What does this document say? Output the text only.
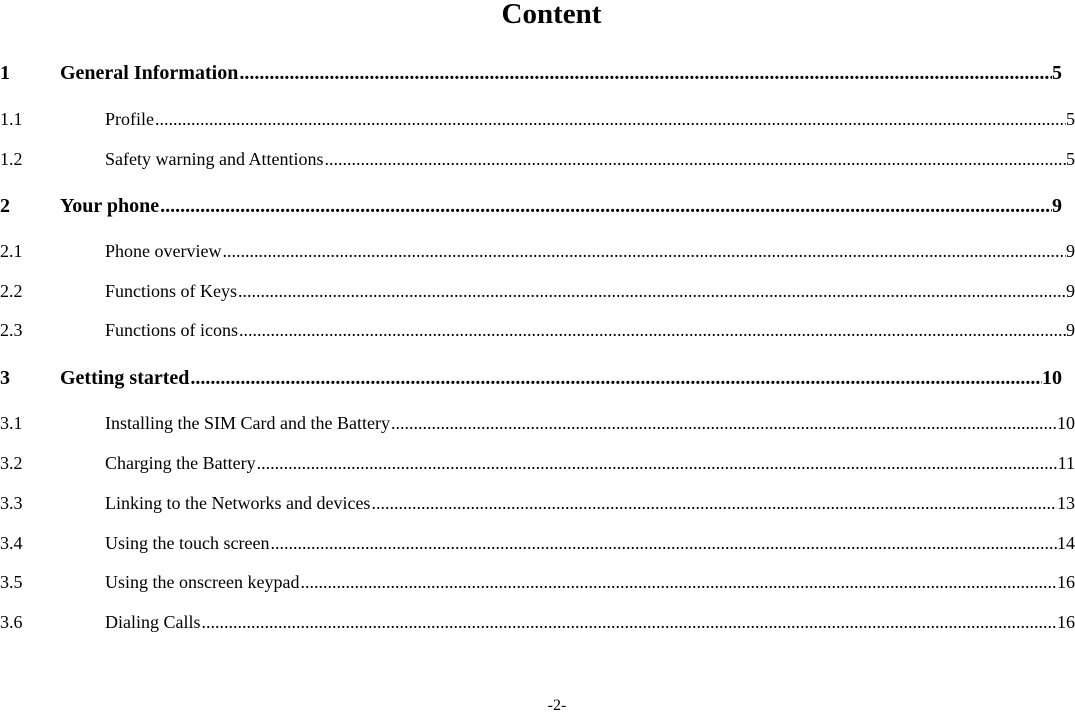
Content
1	General Information .....	5
1.1	Profile .....	5
1.2	Safety warning and Attentions .....	5
2	Your phone .....	9
2.1	Phone overview .....	9
2.2	Functions of Keys .....	9
2.3	Functions of icons .....	9
3	Getting started .....	10
3.1	Installing the SIM Card and the Battery .....	10
3.2	Charging the Battery .....	11
3.3	Linking to the Networks and devices .....	13
3.4	Using the touch screen .....	14
3.5	Using the onscreen keypad .....	16
3.6	Dialing Calls .....	16
-2-
